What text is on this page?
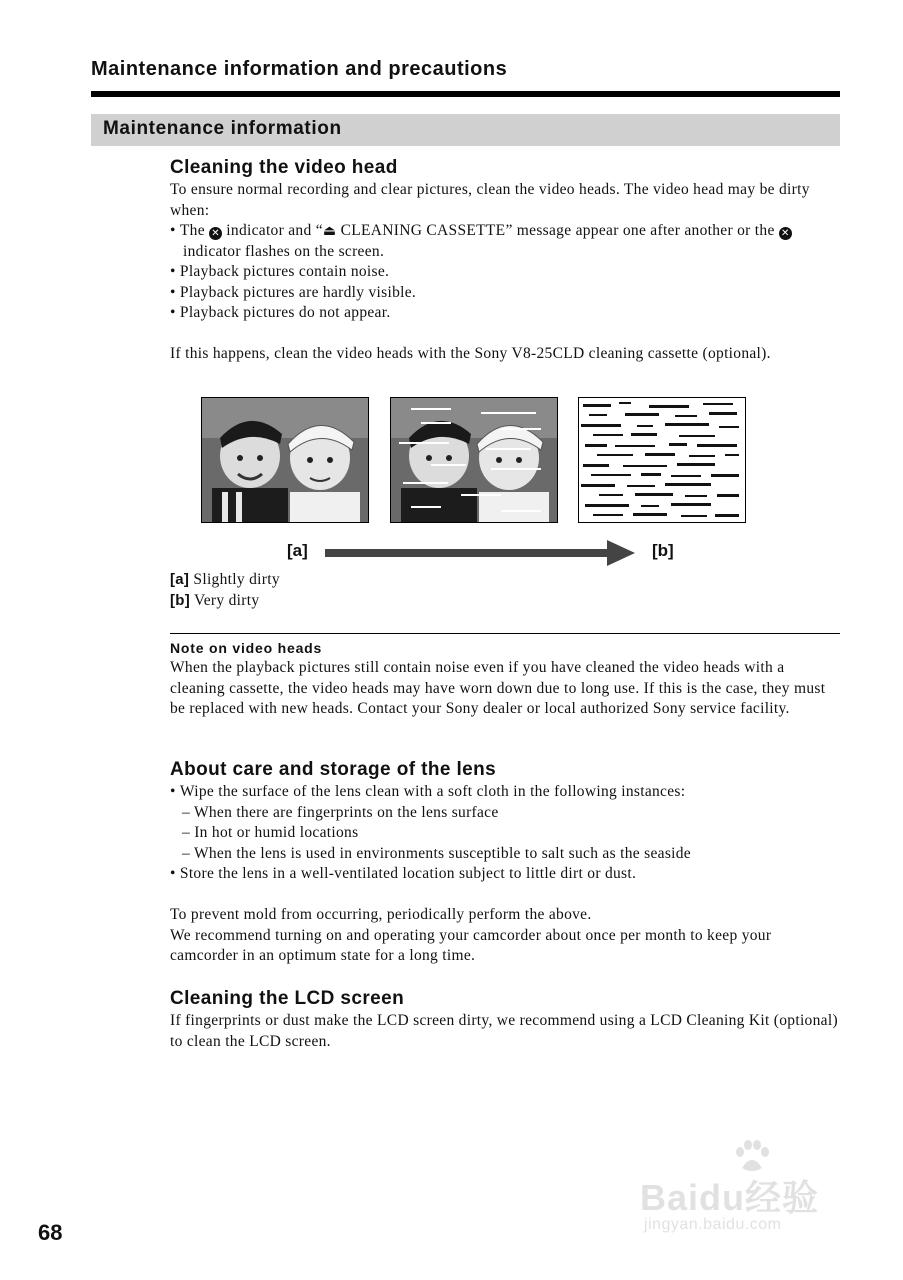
Maintenance information and precautions
Maintenance information
Cleaning the video head

To ensure normal recording and clear pictures, clean the video heads. The video head may be dirty when:

• The ✕ indicator and “⏏ CLEANING CASSETTE” message appear one after another or the ✕ indicator flashes on the screen.

• Playback pictures contain noise.

• Playback pictures are hardly visible.

• Playback pictures do not appear.

If this happens, clean the video heads with the Sony V8-25CLD cleaning cassette (optional).

[a]	[b]

[a] Slightly dirty

[b] Very dirty

Note on video heads

When the playback pictures still contain noise even if you have cleaned the video heads with a cleaning cassette, the video heads may have worn down due to long use. If this is the case, they must be replaced with new heads. Contact your Sony dealer or local authorized Sony service facility.

About care and storage of the lens

• Wipe the surface of the lens clean with a soft cloth in the following instances:

– When there are fingerprints on the lens surface

– In hot or humid locations

– When the lens is used in environments susceptible to salt such as the seaside

• Store the lens in a well-ventilated location subject to little dirt or dust.

To prevent mold from occurring, periodically perform the above.

We recommend turning on and operating your camcorder about once per month to keep your camcorder in an optimum state for a long time.

Cleaning the LCD screen

If fingerprints or dust make the LCD screen dirty, we recommend using a LCD Cleaning Kit (optional) to clean the LCD screen.

68
Baidu经验
jingyan.baidu.com
